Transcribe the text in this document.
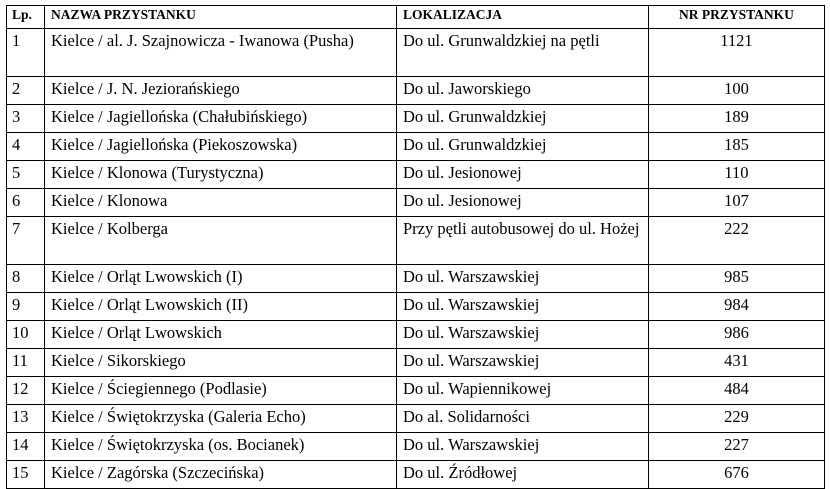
Lp.	NAZWA PRZYSTANKU	LOKALIZACJA	NR PRZYSTANKU
1	Kielce / al. J. Szajnowicza - Iwanowa (Pusha)	Do ul. Grunwaldzkiej na pętli	1121
2	Kielce / J. N. Jeziorańskiego	Do ul. Jaworskiego	100
3	Kielce / Jagiellońska (Chałubińskiego)	Do ul. Grunwaldzkiej	189
4	Kielce / Jagiellońska (Piekoszowska)	Do ul. Grunwaldzkiej	185
5	Kielce / Klonowa (Turystyczna)	Do ul. Jesionowej	110
6	Kielce / Klonowa	Do ul. Jesionowej	107
7	Kielce / Kolberga	Przy pętli autobusowej do ul. Hożej	222
8	Kielce / Orląt Lwowskich (I)	Do ul. Warszawskiej	985
9	Kielce / Orląt Lwowskich (II)	Do ul. Warszawskiej	984
10	Kielce / Orląt Lwowskich	Do ul. Warszawskiej	986
11	Kielce / Sikorskiego	Do ul. Warszawskiej	431
12	Kielce / Ściegiennego (Podlasie)	Do ul. Wapiennikowej	484
13	Kielce / Świętokrzyska (Galeria Echo)	Do al. Solidarności	229
14	Kielce / Świętokrzyska (os. Bocianek)	Do ul. Warszawskiej	227
15	Kielce / Zagórska (Szczecińska)	Do ul. Źródłowej	676
